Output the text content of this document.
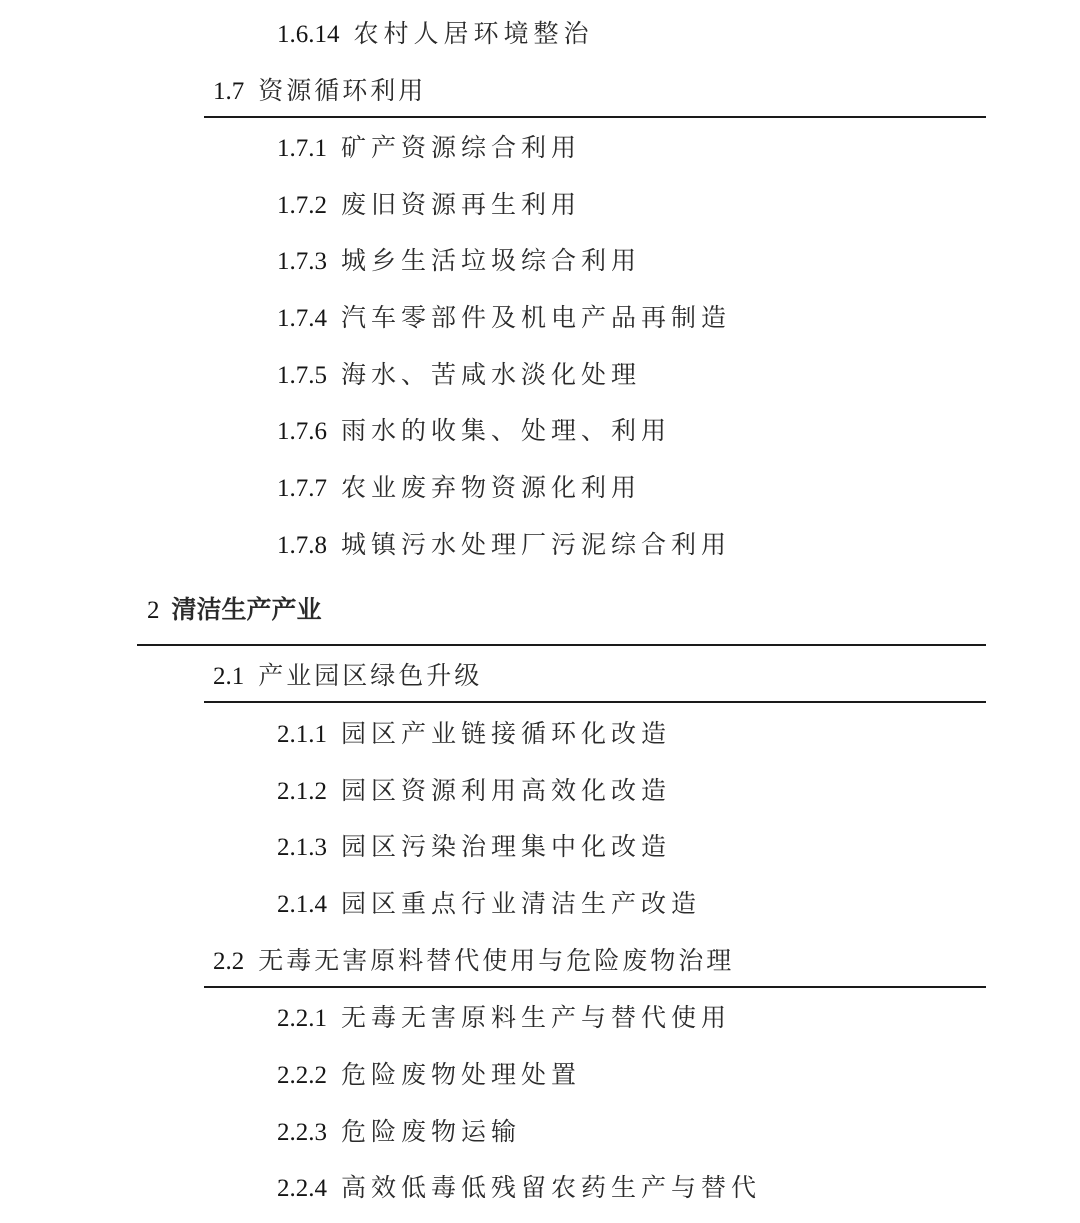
1.6.14 农村人居环境整治
1.7 资源循环利用
1.7.1 矿产资源综合利用
1.7.2 废旧资源再生利用
1.7.3 城乡生活垃圾综合利用
1.7.4 汽车零部件及机电产品再制造
1.7.5 海水、苦咸水淡化处理
1.7.6 雨水的收集、处理、利用
1.7.7 农业废弃物资源化利用
1.7.8 城镇污水处理厂污泥综合利用
2 清洁生产产业
2.1 产业园区绿色升级
2.1.1 园区产业链接循环化改造
2.1.2 园区资源利用高效化改造
2.1.3 园区污染治理集中化改造
2.1.4 园区重点行业清洁生产改造
2.2 无毒无害原料替代使用与危险废物治理
2.2.1 无毒无害原料生产与替代使用
2.2.2 危险废物处理处置
2.2.3 危险废物运输
2.2.4 高效低毒低残留农药生产与替代
